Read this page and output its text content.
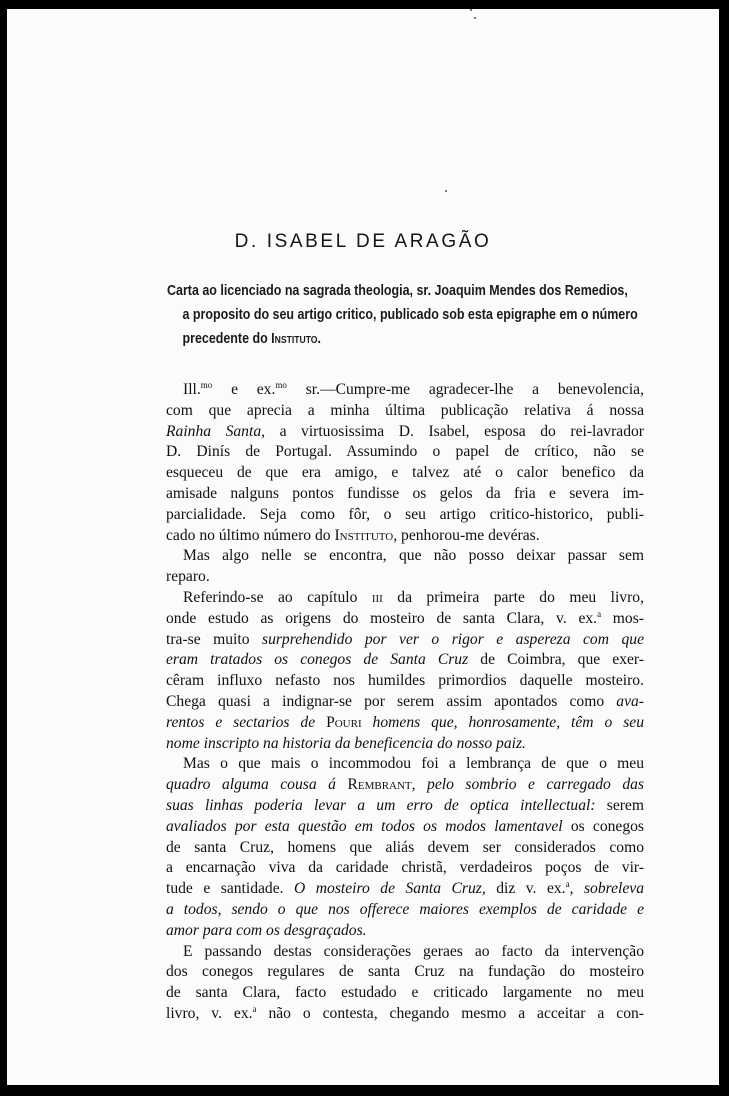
D. ISABEL DE ARAGÃO
Carta ao licenciado na sagrada theologia, sr. Joaquim Mendes dos Remedios,
a proposito do seu artigo critico, publicado sob esta epigraphe em o número
precedente do Instituto.
Ill.$^{mo}$ e ex.$^{mo}$ sr.—Cumpre-me agradecer-lhe a benevolencia,
com que aprecia a minha última publicação relativa á nossa
Rainha Santa, a virtuosissima D. Isabel, esposa do rei-lavrador
D. Dinís de Portugal. Assumindo o papel de crítico, não se
esqueceu de que era amigo, e talvez até o calor benefico da
amisade nalguns pontos fundisse os gelos da fria e severa im-
parcialidade. Seja como fôr, o seu artigo critico-historico, publi-
cado no último número do Instituto, penhorou-me devéras.
Mas algo nelle se encontra, que não posso deixar passar sem
reparo.
Referindo-se ao capítulo iii da primeira parte do meu livro,
onde estudo as origens do mosteiro de santa Clara, v. ex.$^a$ mos-
tra-se muito surprehendido por ver o rigor e aspereza com que
eram tratados os conegos de Santa Cruz de Coimbra, que exer-
cêram influxo nefasto nos humildes primordios daquelle mosteiro.
Chega quasi a indignar-se por serem assim apontados como ava-
rentos e sectarios de Pouri homens que, honrosamente, têm o seu
nome inscripto na historia da beneficencia do nosso paiz.
Mas o que mais o incommodou foi a lembrança de que o meu
quadro alguma cousa á Rembrant, pelo sombrio e carregado das
suas linhas poderia levar a um erro de optica intellectual: serem
avaliados por esta questão em todos os modos lamentavel os conegos
de santa Cruz, homens que aliás devem ser considerados como
a encarnação viva da caridade christã, verdadeiros poços de vir-
tude e santidade. O mosteiro de Santa Cruz, diz v. ex.$^a$, sobreleva
a todos, sendo o que nos offerece maiores exemplos de caridade e
amor para com os desgraçados.
E passando destas considerações geraes ao facto da intervenção
dos conegos regulares de santa Cruz na fundação do mosteiro
de santa Clara, facto estudado e criticado largamente no meu
livro, v. ex.$^a$ não o contesta, chegando mesmo a acceitar a con-
